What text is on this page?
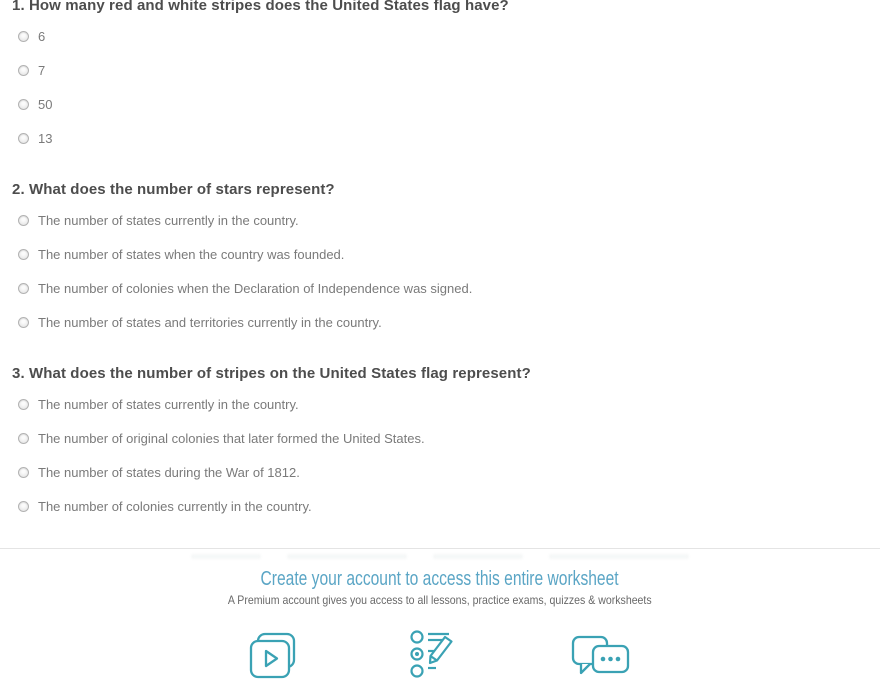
1. How many red and white stripes does the United States flag have?
6
7
50
13
2. What does the number of stars represent?
The number of states currently in the country.
The number of states when the country was founded.
The number of colonies when the Declaration of Independence was signed.
The number of states and territories currently in the country.
3. What does the number of stripes on the United States flag represent?
The number of states currently in the country.
The number of original colonies that later formed the United States.
The number of states during the War of 1812.
The number of colonies currently in the country.
Create your account to access this entire worksheet

A Premium account gives you access to all lessons, practice exams, quizzes & worksheets
